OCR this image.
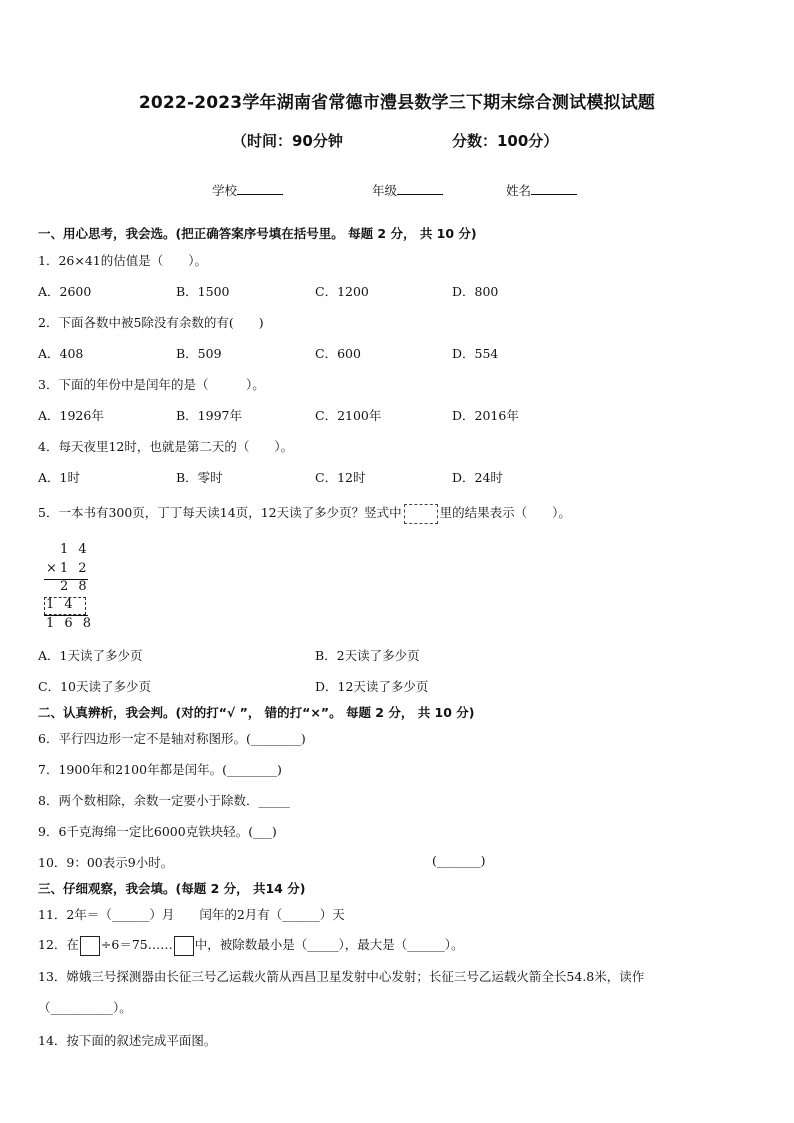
2022-2023学年湖南省常德市澧县数学三下期末综合测试模拟试题
（时间：90分钟	分数：100分）
学校	年级	姓名
一、用心思考，我会选。(把正确答案序号填在括号里。 每题 2 分， 共 10 分)
1．26×41的估值是（　　）。
A．2600	B．1500	C．1200	D．800
2．下面各数中被5除没有余数的有(　　)
A．408	B．509	C．600	D．554
3．下面的年份中是闰年的是（　　　）。
A．1926年	B．1997年	C．2100年	D．2016年
4．每天夜里12时，也就是第二天的（　　）。
A．1时	B．零时	C．12时	D．24时
5．一本书有300页，丁丁每天读14页，12天读了多少页？竖式中	里的结果表示（　　）。
1 4
×1 2
2 8
1 4
1 6 8
A．1天读了多少页	B．2天读了多少页
C．10天读了多少页	D．12天读了多少页
二、认真辨析，我会判。(对的打“√ ”， 错的打“×”。 每题 2 分， 共 10 分)
6．平行四边形一定不是轴对称图形。(________)
7．1900年和2100年都是闰年。(________)
8．两个数相除，余数一定要小于除数．_____
9．6千克海绵一定比6000克铁块轻。(___)
10．9：00表示9小时。	(_______)
三、仔细观察，我会填。(每题 2 分， 共14 分)
11．2年＝（______）月　　闰年的2月有（______）天
12．在 ÷6＝75…… 中，被除数最小是（_____），最大是（______）。
13．嫦娥三号探测器由长征三号乙运载火箭从西昌卫星发射中心发射；长征三号乙运载火箭全长54.8米，读作
（__________）。
14．按下面的叙述完成平面图。
